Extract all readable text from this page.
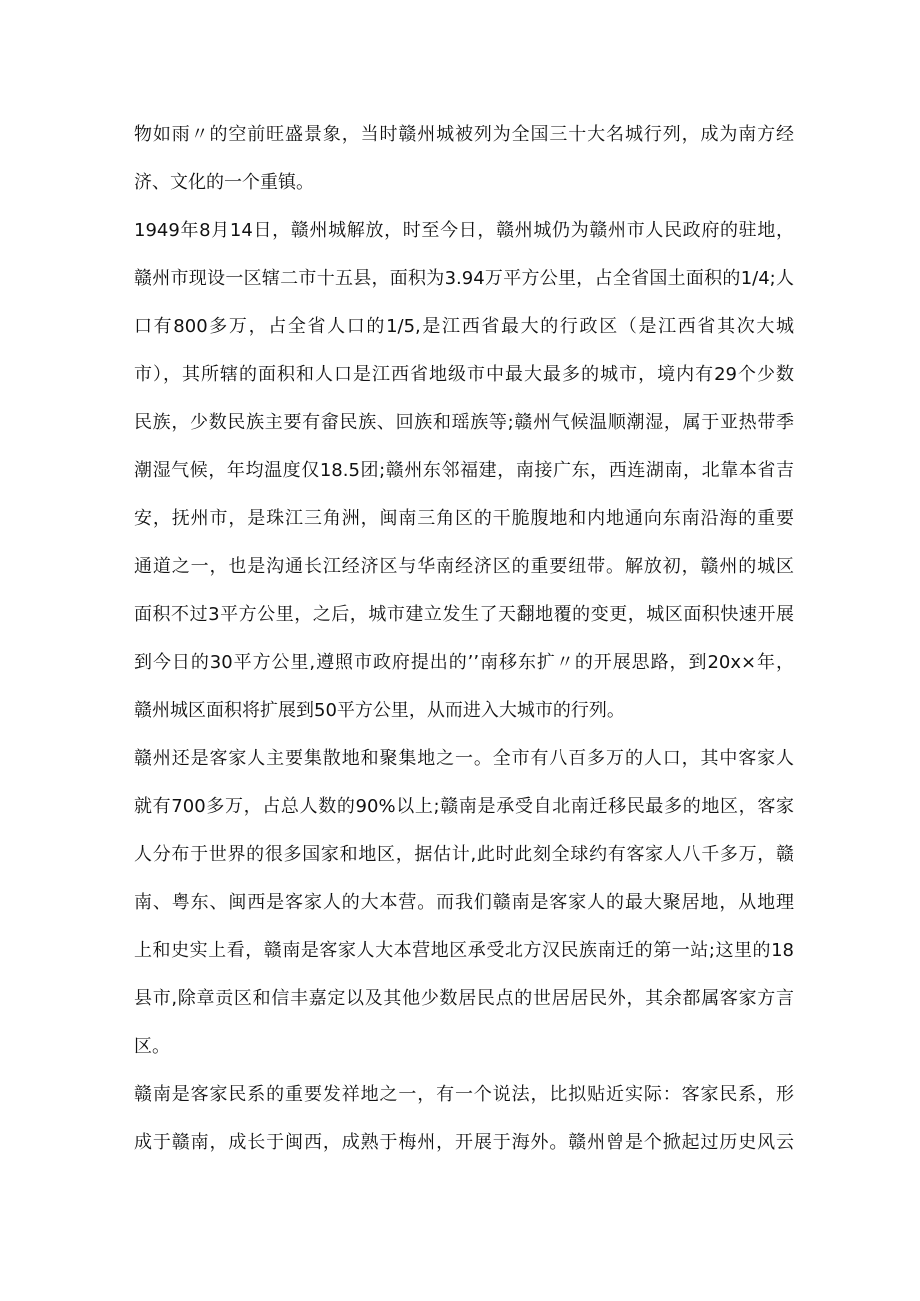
物如雨〃的空前旺盛景象，当时赣州城被列为全国三十大名城行列，成为南方经
济、文化的一个重镇。
1949年8月14日，赣州城解放，时至今日，赣州城仍为赣州市人民政府的驻地，
赣州市现设一区辖二市十五县，面积为3.94万平方公里，占全省国土面积的1/4;人
口有800多万，占全省人口的1/5,是江西省最大的行政区（是江西省其次大城
市），其所辖的面积和人口是江西省地级市中最大最多的城市，境内有29个少数
民族，少数民族主要有畲民族、回族和瑶族等;赣州气候温顺潮湿，属于亚热带季
潮湿气候，年均温度仅18.5团;赣州东邻福建，南接广东，西连湖南，北靠本省吉
安，抚州市，是珠江三角洲，闽南三角区的干脆腹地和内地通向东南沿海的重要
通道之一，也是沟通长江经济区与华南经济区的重要纽带。解放初，赣州的城区
面积不过3平方公里，之后，城市建立发生了天翻地覆的变更，城区面积快速开展
到今日的30平方公里,遵照市政府提出的’’南移东扩〃的开展思路，到20x×年，
赣州城区面积将扩展到50平方公里，从而进入大城市的行列。
赣州还是客家人主要集散地和聚集地之一。全市有八百多万的人口，其中客家人
就有700多万，占总人数的90%以上;赣南是承受自北南迁移民最多的地区，客家
人分布于世界的很多国家和地区，据估计,此时此刻全球约有客家人八千多万，赣
南、粤东、闽西是客家人的大本营。而我们赣南是客家人的最大聚居地，从地理
上和史实上看，赣南是客家人大本营地区承受北方汉民族南迁的第一站;这里的18
县市,除章贡区和信丰嘉定以及其他少数居民点的世居居民外，其余都属客家方言
区。
赣南是客家民系的重要发祥地之一，有一个说法，比拟贴近实际：客家民系，形
成于赣南，成长于闽西，成熟于梅州，开展于海外。赣州曾是个掀起过历史风云
